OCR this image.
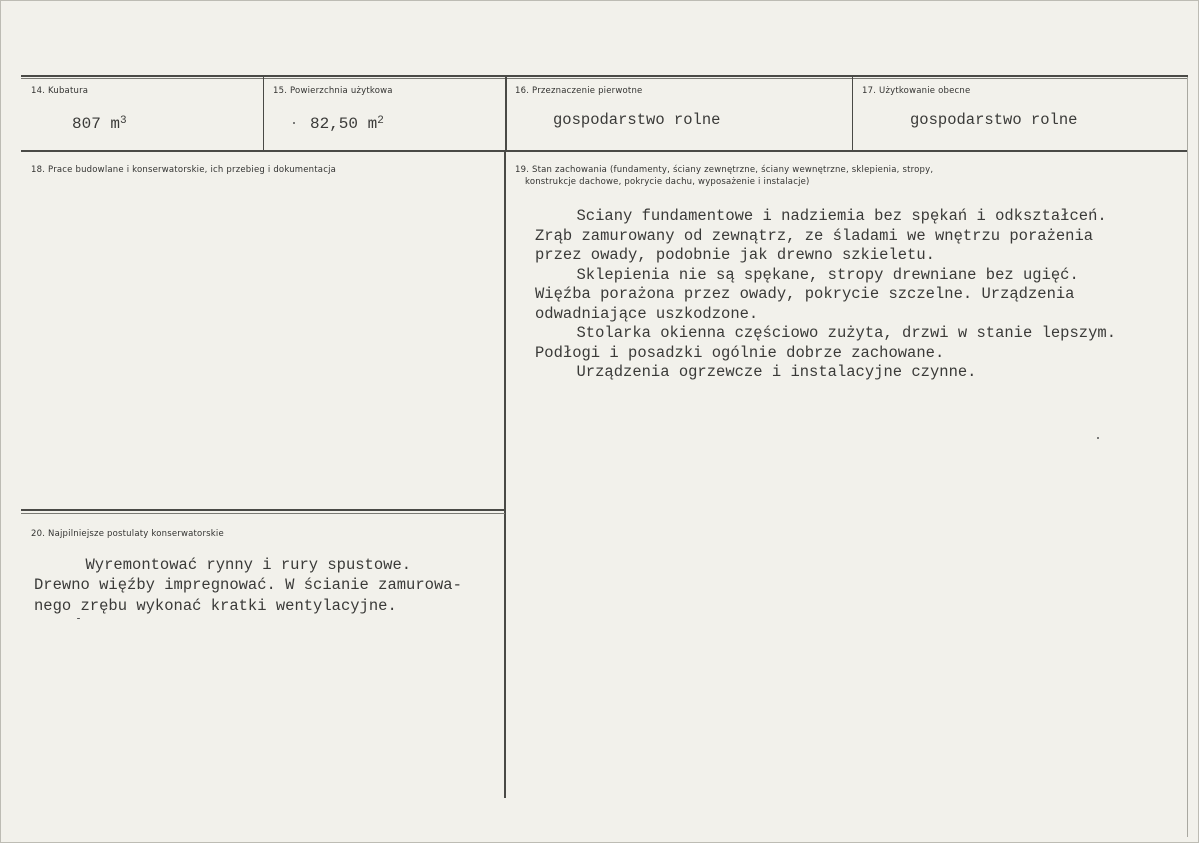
14. Kubatura
807 $m^3$
15. Powierzchnia użytkowa
82,50 $m^2$
16. Przeznaczenie pierwotne
gospodarstwo rolne
17. Użytkowanie obecne
gospodarstwo rolne
18. Prace budowlane i konserwatorskie, ich przebieg i dokumentacja	19. Stan zachowania (fundamenty, ściany zewnętrzne, ściany wewnętrzne, sklepienia, stropy,
konstrukcje dachowe, pokrycie dachu, wyposażenie i instalacje)
Sciany fundamentowe i nadziemia bez spękań i odkształceń.
Zrąb zamurowany od zewnątrz, ze śladami we wnętrzu porażenia
przez owady, podobnie jak drewno szkieletu.
Sklepienia nie są spękane, stropy drewniane bez ugięć.
Więźba porażona przez owady, pokrycie szczelne. Urządzenia
odwadniające uszkodzone.
Stolarka okienna częściowo zużyta, drzwi w stanie lepszym.
Podłogi i posadzki ogólnie dobrze zachowane.
Urządzenia ogrzewcze i instalacyjne czynne.
20. Najpilniejsze postulaty konserwatorskie
Wyremontować rynny i rury spustowe.
Drewno więźby impregnować. W ścianie zamurowa-
nego zrębu wykonać kratki wentylacyjne.
